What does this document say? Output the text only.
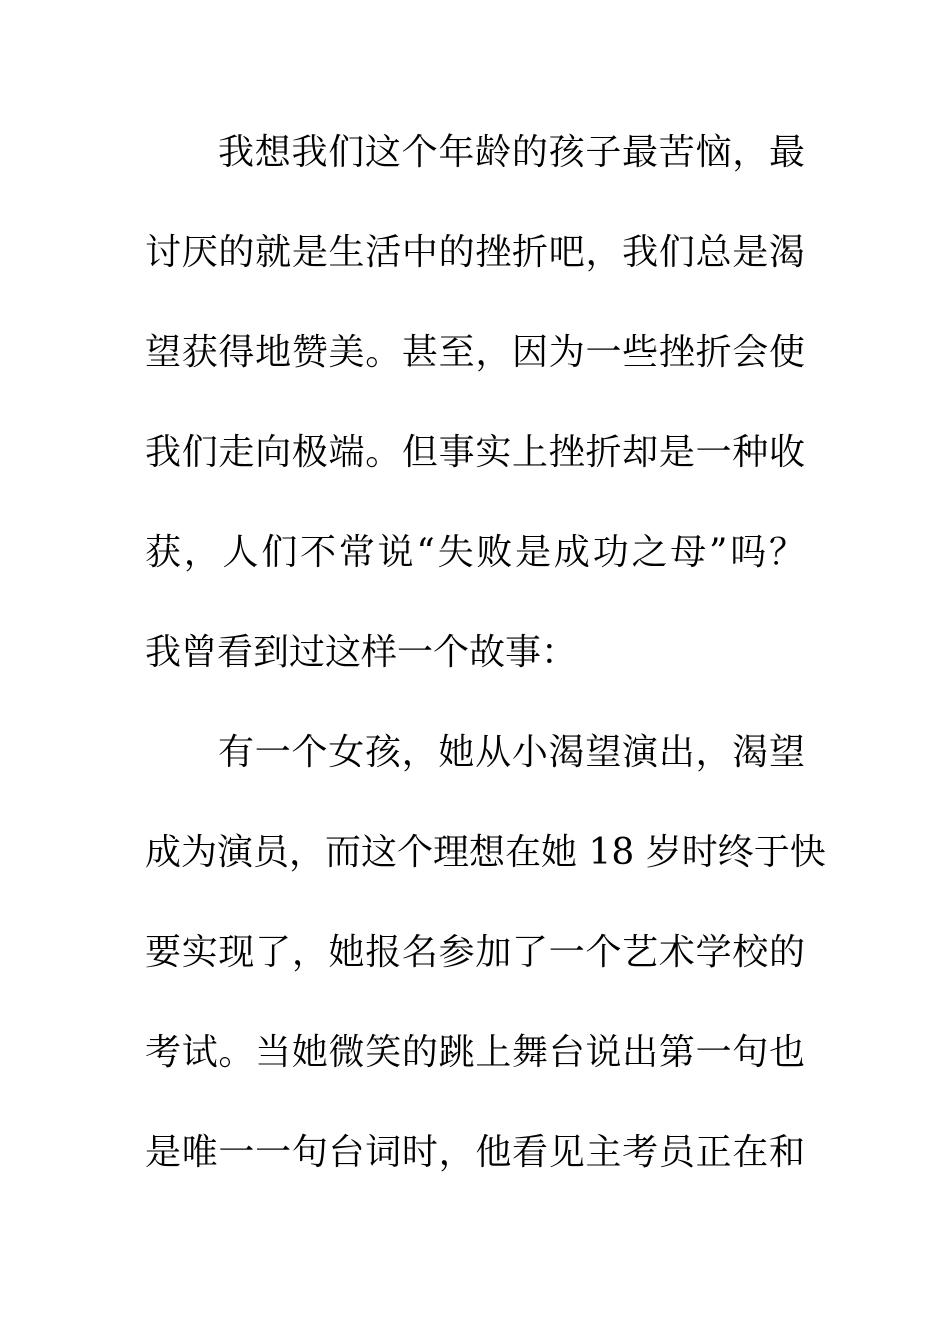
我想我们这个年龄的孩子最苦恼，最
讨厌的就是生活中的挫折吧，我们总是渴
望获得地赞美。甚至，因为一些挫折会使
我们走向极端。但事实上挫折却是一种收
获，人们不常说“失败是成功之母”吗？
我曾看到过这样一个故事：
有一个女孩，她从小渴望演出，渴望
成为演员，而这个理想在她 18 岁时终于快
要实现了，她报名参加了一个艺术学校的
考试。当她微笑的跳上舞台说出第一句也
是唯一一句台词时，他看见主考员正在和
